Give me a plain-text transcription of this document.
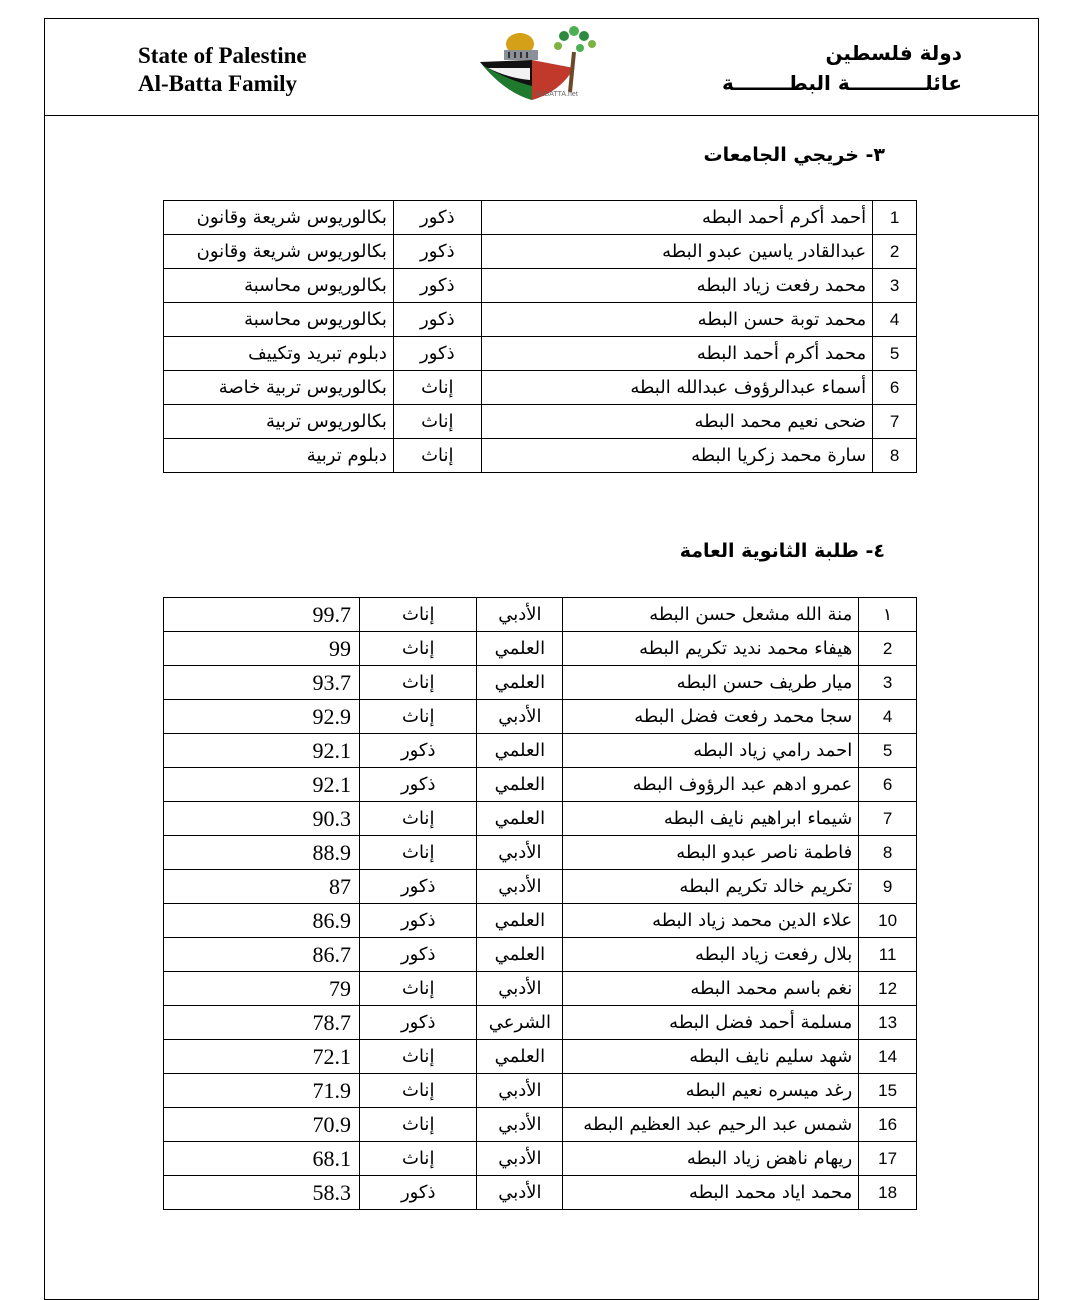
State of Palestine
Al-Batta Family	ALBATTA.net
دولة فلسطين
عائلـــــــــــة البطــــــــة
٣- خريجي الجامعات
1	أحمد أكرم أحمد البطه	ذكور	بكالوريوس شريعة وقانون
2	عبدالقادر ياسين عبدو البطه	ذكور	بكالوريوس شريعة وقانون
3	محمد رفعت زياد البطه	ذكور	بكالوريوس محاسبة
4	محمد توبة حسن البطه	ذكور	بكالوريوس محاسبة
5	محمد أكرم أحمد البطه	ذكور	دبلوم تبريد وتكييف
6	أسماء عبدالرؤوف عبدالله البطه	إناث	بكالوريوس تربية خاصة
7	ضحى نعيم محمد البطه	إناث	بكالوريوس تربية
8	سارة محمد زكريا البطه	إناث	دبلوم تربية
٤- طلبة الثانوية العامة
١	منة الله مشعل حسن البطه	الأدبي	إناث	99.7
2	هيفاء محمد نديد تكريم البطه	العلمي	إناث	99
3	ميار طريف حسن البطه	العلمي	إناث	93.7
4	سجا محمد رفعت فضل البطه	الأدبي	إناث	92.9
5	احمد رامي زياد البطه	العلمي	ذكور	92.1
6	عمرو ادهم عبد الرؤوف البطه	العلمي	ذكور	92.1
7	شيماء ابراهيم نايف البطه	العلمي	إناث	90.3
8	فاطمة ناصر عبدو البطه	الأدبي	إناث	88.9
9	تكريم خالد تكريم البطه	الأدبي	ذكور	87
10	علاء الدين محمد زياد البطه	العلمي	ذكور	86.9
11	بلال رفعت زياد البطه	العلمي	ذكور	86.7
12	نغم باسم محمد البطه	الأدبي	إناث	79
13	مسلمة أحمد فضل البطه	الشرعي	ذكور	78.7
14	شهد سليم نايف البطه	العلمي	إناث	72.1
15	رغد ميسره نعيم البطه	الأدبي	إناث	71.9
16	شمس عبد الرحيم عبد العظيم البطه	الأدبي	إناث	70.9
17	ريهام ناهض زياد البطه	الأدبي	إناث	68.1
18	محمد اياد محمد البطه	الأدبي	ذكور	58.3
